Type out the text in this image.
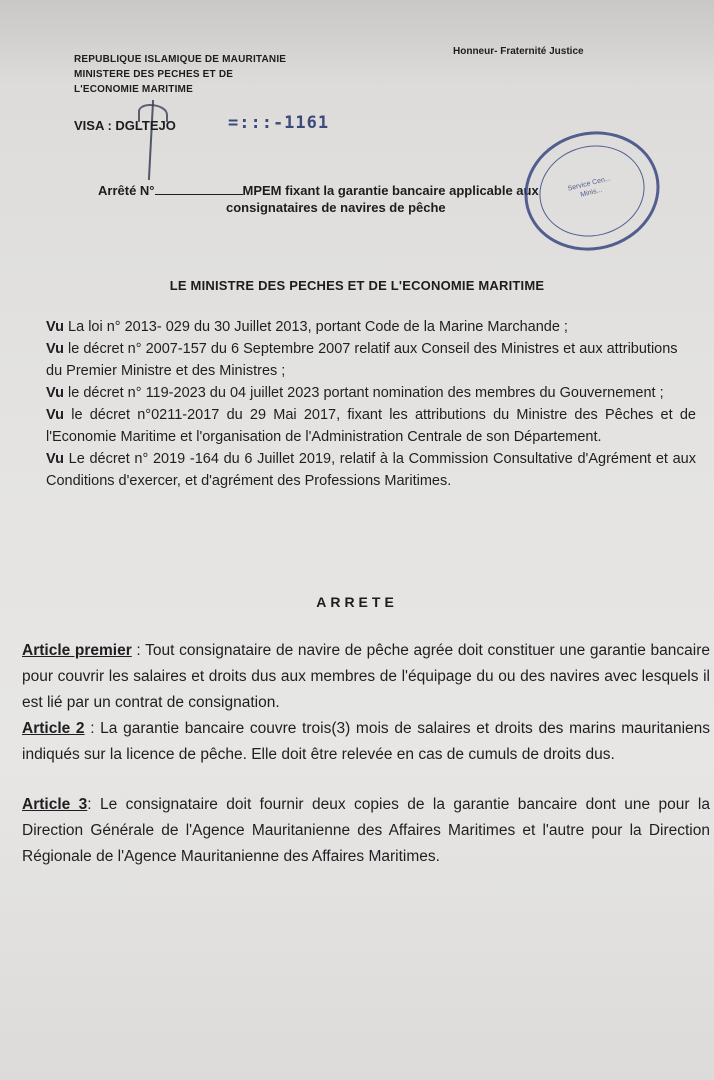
REPUBLIQUE ISLAMIQUE DE MAURITANIE
MINISTERE DES PECHES ET DE
L'ECONOMIE MARITIME
Honneur- Fraternité Justice
VISA : DGLTEJO	=:::-1161
Arrêté N°	MPEM fixant la garantie bancaire applicable aux
consignataires de navires de pêche
Service Cen... Minis...
LE MINISTRE DES PECHES ET DE L'ECONOMIE MARITIME

Vu La loi n° 2013- 029 du 30 Juillet 2013, portant Code de la Marine Marchande ;

Vu le décret n° 2007-157 du 6 Septembre 2007 relatif aux Conseil des Ministres et aux attributions du Premier Ministre et des Ministres ;

Vu le décret n° 119-2023 du 04 juillet 2023 portant nomination des membres du Gouvernement ;

Vu le décret n°0211-2017 du 29 Mai 2017, fixant les attributions du Ministre des Pêches et de l'Economie Maritime et l'organisation de l'Administration Centrale de son Département.

Vu Le décret n° 2019 -164 du 6 Juillet 2019, relatif à la Commission Consultative d'Agrément et aux Conditions d'exercer, et d'agrément des Professions Maritimes.

ARRETE

Article premier : Tout consignataire de navire de pêche agrée doit constituer une garantie bancaire pour couvrir les salaires et droits dus aux membres de l'équipage du ou des navires avec lesquels il est lié par un contrat de consignation.

Article 2 : La garantie bancaire couvre trois(3) mois de salaires et droits des marins mauritaniens indiqués sur la licence de pêche. Elle doit être relevée en cas de cumuls de droits dus.

Article 3: Le consignataire doit fournir deux copies de la garantie bancaire dont une pour la Direction Générale de l'Agence Mauritanienne des Affaires Maritimes et l'autre pour la Direction Régionale de l'Agence Mauritanienne des Affaires Maritimes.
